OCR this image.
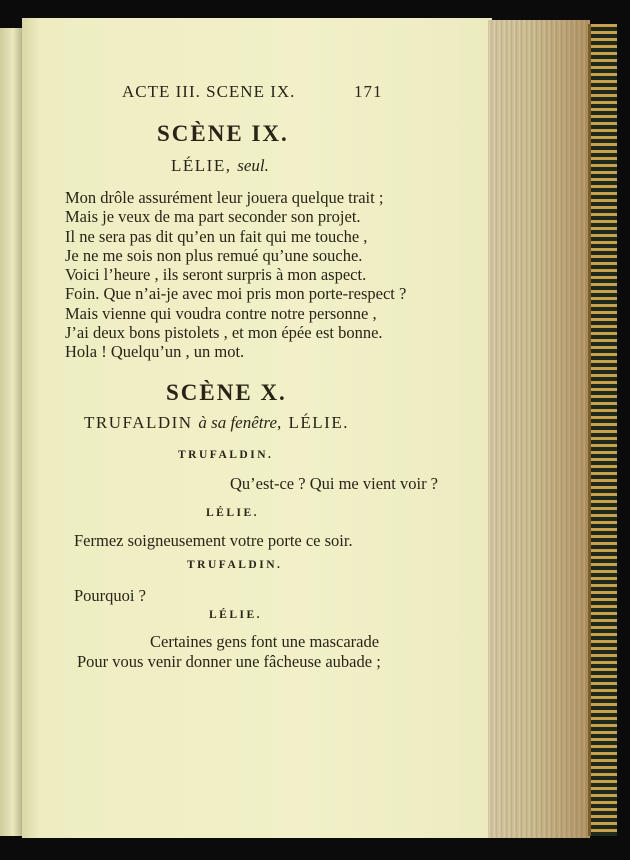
ACTE III. SCENE IX.	171
SCÈNE IX.
LÉLIE, seul.
Mon drôle assurément leur jouera quelque trait ;
Mais je veux de ma part seconder son projet.
Il ne sera pas dit qu’en un fait qui me touche ,
Je ne me sois non plus remué qu’une souche.
Voici l’heure , ils seront surpris à mon aspect.
Foin. Que n’ai-je avec moi pris mon porte-respect ?
Mais vienne qui voudra contre notre personne ,
J’ai deux bons pistolets , et mon épée est bonne.
Hola ! Quelqu’un , un mot.
SCÈNE X.
TRUFALDIN à sa fenêtre, LÉLIE.
TRUFALDIN.
Qu’est-ce ? Qui me vient voir ?
LÉLIE.
Fermez soigneusement votre porte ce soir.
TRUFALDIN.
Pourquoi ?
LÉLIE.
Certaines gens font une mascarade
Pour vous venir donner une fâcheuse aubade ;
